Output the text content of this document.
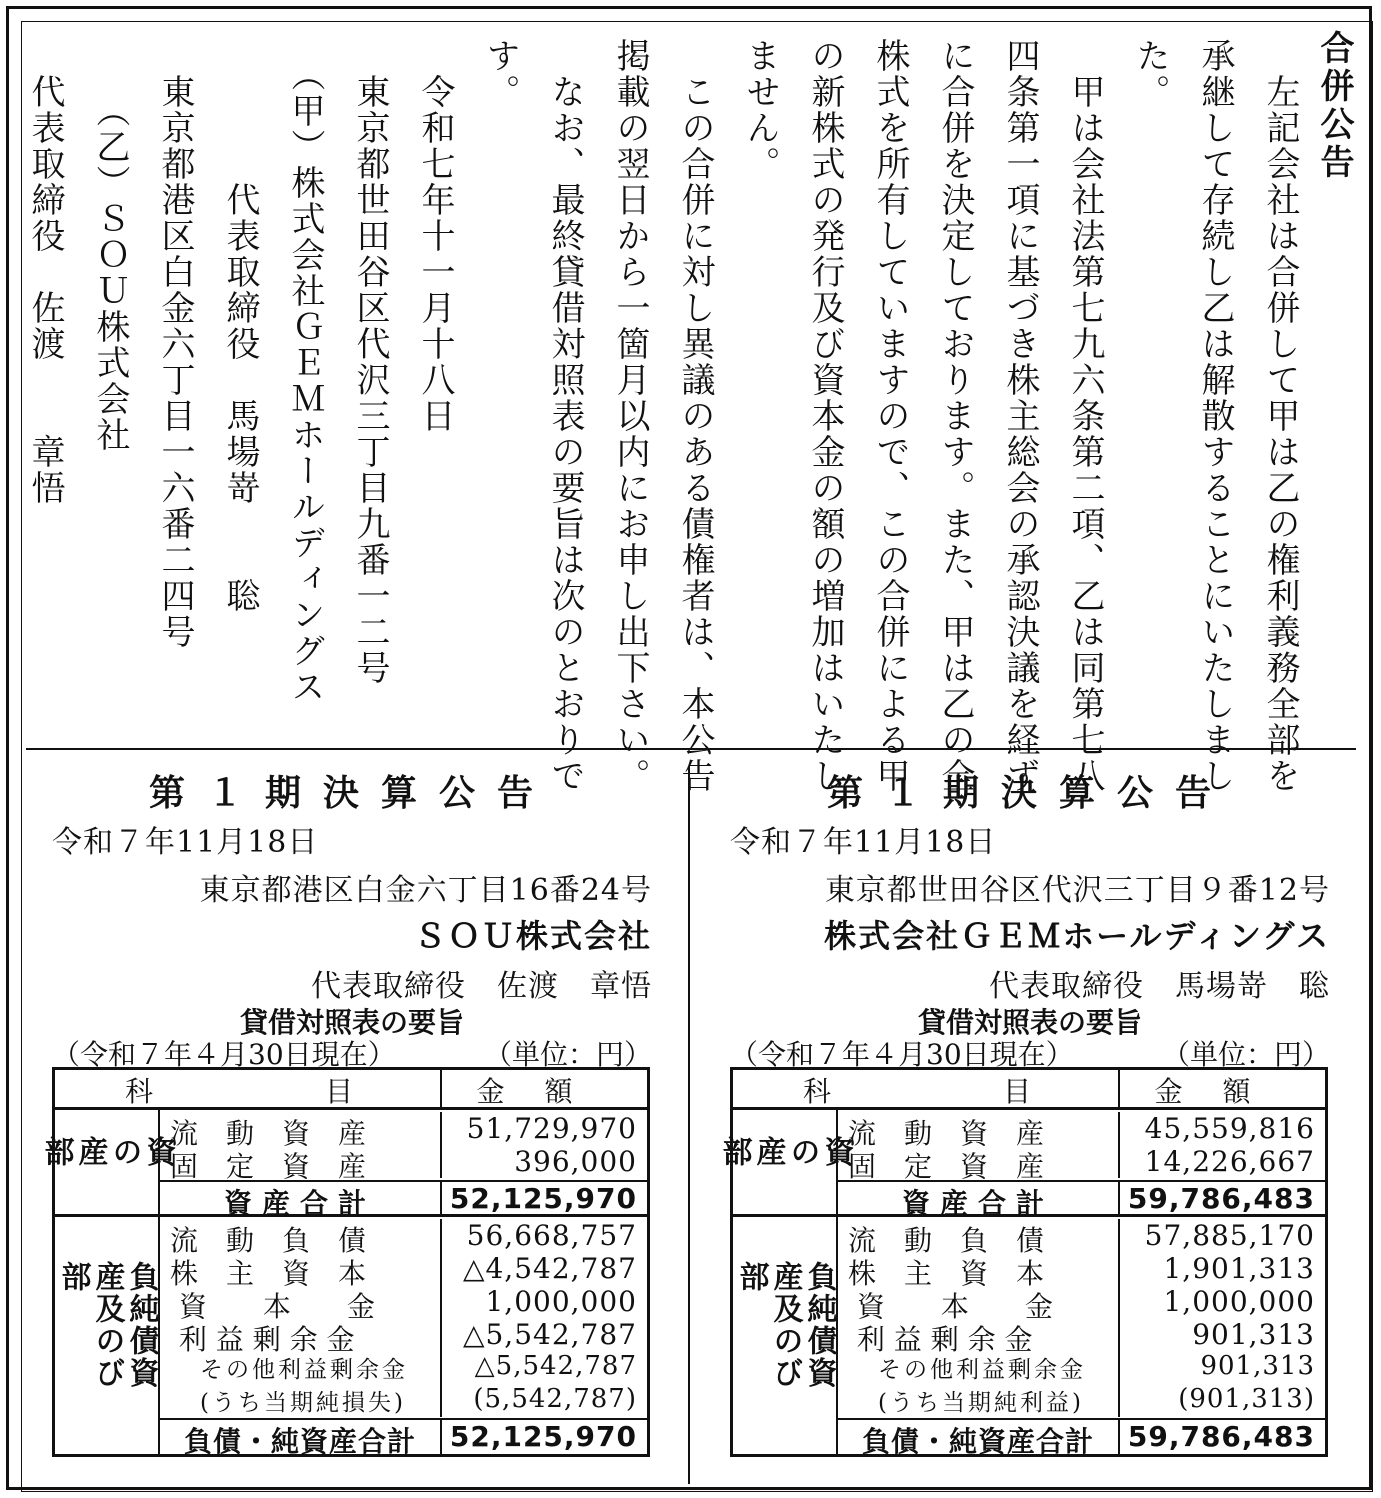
合併公告
　左記会社は合併して甲は乙の権利義務全部を
承継して存続し乙は解散することにいたしまし
た。
　甲は会社法第七九六条第二項、乙は同第七八
四条第一項に基づき株主総会の承認決議を経ず
に合併を決定しております。また、甲は乙の全
株式を所有していますので、この合併による甲
の新株式の発行及び資本金の額の増加はいたし
ません。
　この合併に対し異議のある債権者は、本公告
掲載の翌日から一箇月以内にお申し出下さい。
　なお、最終貸借対照表の要旨は次のとおりで
す。
　令和七年十一月十八日
　東京都世田谷区代沢三丁目九番一二号
　（甲）株式会社ＧＥＭホールディングス
　　　　代表取締役　馬場嵜　　聡
　東京都港区白金六丁目一六番二四号
　　（乙）ＳＯＵ株式会社
　代表取締役　佐渡　　章悟
第１期決算公告
令和７年11月18日
東京都港区白金六丁目16番24号
ＳＯＵ株式会社
代表取締役　佐渡　章悟
貸借対照表の要旨
（令和７年４月30日現在）	（単位：円）
科	目	金額
資の産部
流　動　資　産	51,729,970
固　定　資　産	396,000
資産合計	52,125,970
負純債資産及のび部
流　動　負　債	56,668,757
株　主　資　本	△4,542,787
資　　本　　金	1,000,000
利 益 剰 余 金	△5,542,787
その他利益剰余金	△5,542,787
(うち当期純損失)	(5,542,787)
負債・純資産合計	52,125,970
第１期決算公告
令和７年11月18日
東京都世田谷区代沢三丁目９番12号
株式会社ＧＥＭホールディングス
代表取締役　馬場嵜　聡
貸借対照表の要旨
（令和７年４月30日現在）	（単位：円）
科	目	金額
資の産部
流　動　資　産	45,559,816
固　定　資　産	14,226,667
資産合計	59,786,483
負純債資産及のび部
流　動　負　債	57,885,170
株　主　資　本	1,901,313
資　　本　　金	1,000,000
利 益 剰 余 金	901,313
その他利益剰余金	901,313
(うち当期純利益)	(901,313)
負債・純資産合計	59,786,483
